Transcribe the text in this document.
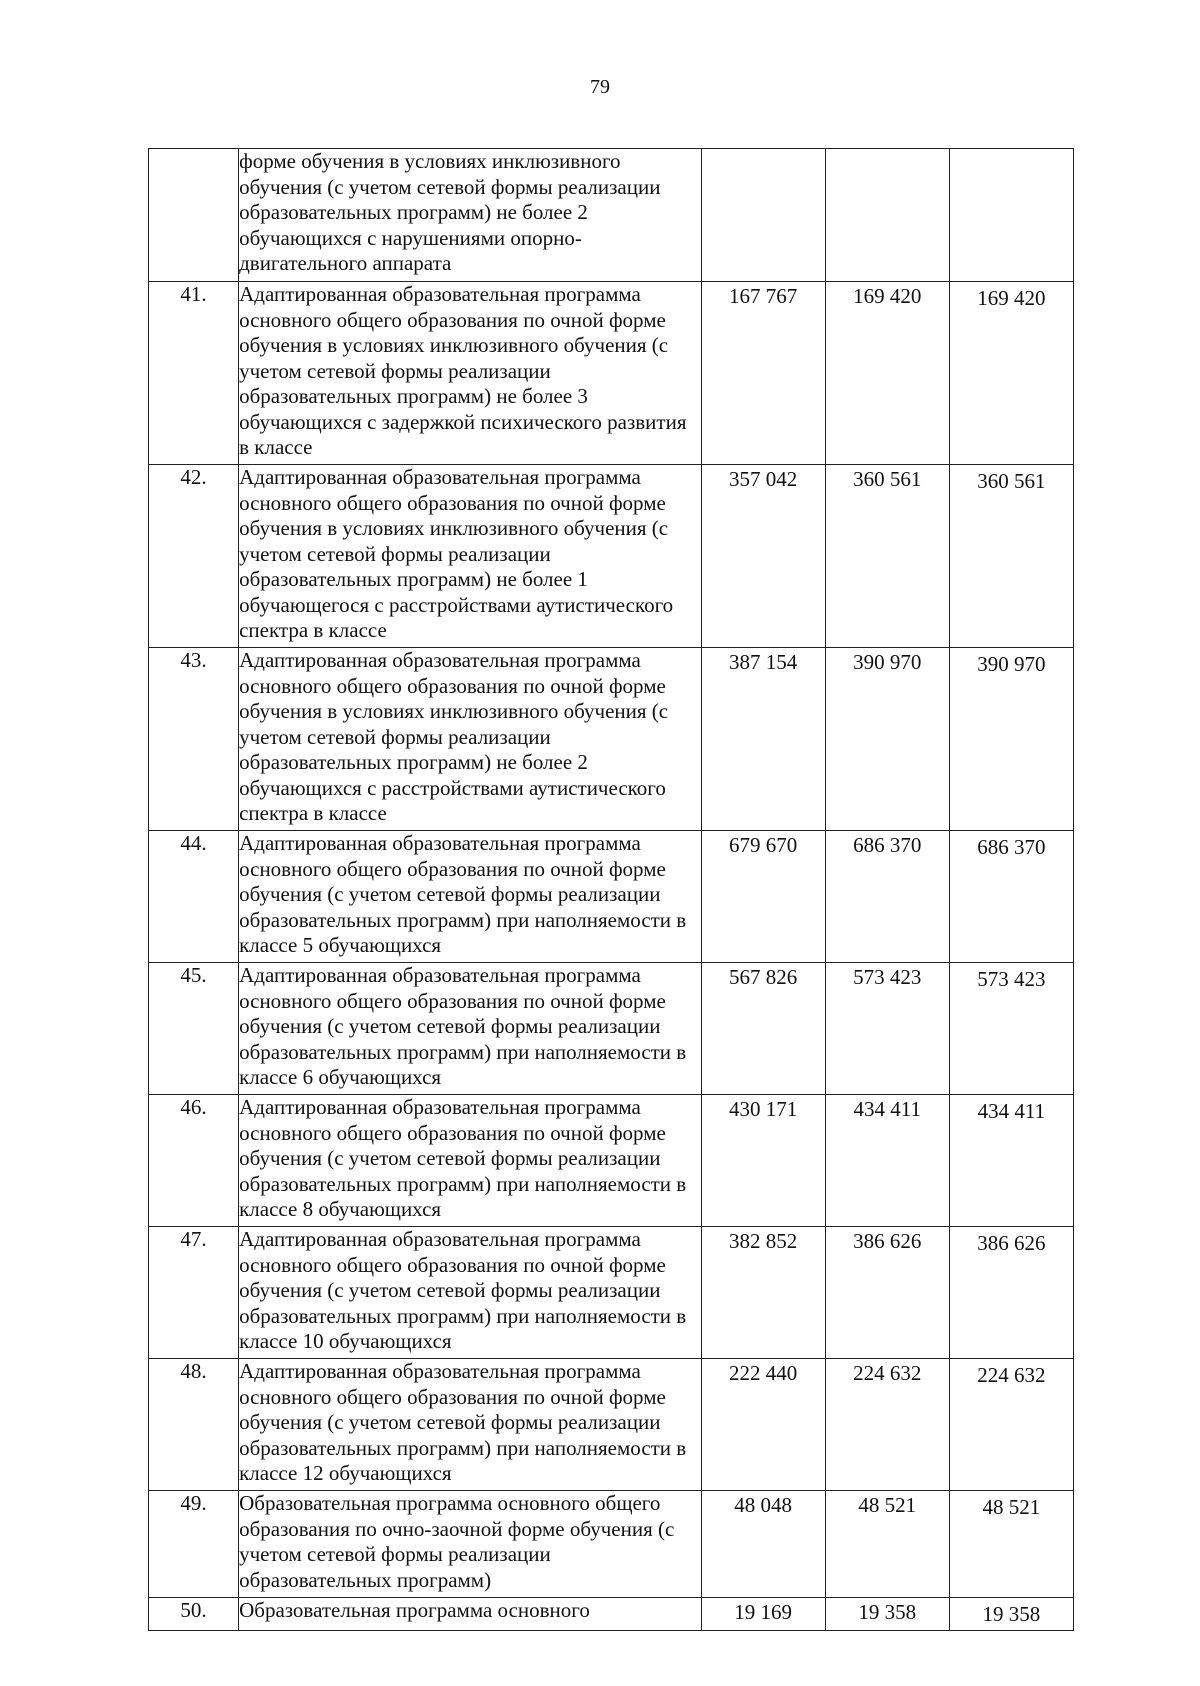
79
	форме обучения в условиях инклюзивного обучения (с учетом сетевой формы реализации образовательных программ) не более 2 обучающихся с нарушениями опорно-двигательного аппарата			
41.	Адаптированная образовательная программа основного общего образования по очной форме обучения в условиях инклюзивного обучения (с учетом сетевой формы реализации образовательных программ) не более 3 обучающихся с задержкой психического развития в классе	167 767	169 420	169 420
42.	Адаптированная образовательная программа основного общего образования по очной форме обучения в условиях инклюзивного обучения (с учетом сетевой формы реализации образовательных программ) не более 1 обучающегося с расстройствами аутистического спектра в классе	357 042	360 561	360 561
43.	Адаптированная образовательная программа основного общего образования по очной форме обучения в условиях инклюзивного обучения (с учетом сетевой формы реализации образовательных программ) не более 2 обучающихся с расстройствами аутистического спектра в классе	387 154	390 970	390 970
44.	Адаптированная образовательная программа основного общего образования по очной форме обучения (с учетом сетевой формы реализации образовательных программ) при наполняемости в классе 5 обучающихся	679 670	686 370	686 370
45.	Адаптированная образовательная программа основного общего образования по очной форме обучения (с учетом сетевой формы реализации образовательных программ) при наполняемости в классе 6 обучающихся	567 826	573 423	573 423
46.	Адаптированная образовательная программа основного общего образования по очной форме обучения (с учетом сетевой формы реализации образовательных программ) при наполняемости в классе 8 обучающихся	430 171	434 411	434 411
47.	Адаптированная образовательная программа основного общего образования по очной форме обучения (с учетом сетевой формы реализации образовательных программ) при наполняемости в классе 10 обучающихся	382 852	386 626	386 626
48.	Адаптированная образовательная программа основного общего образования по очной форме обучения (с учетом сетевой формы реализации образовательных программ) при наполняемости в классе 12 обучающихся	222 440	224 632	224 632
49.	Образовательная программа основного общего образования по очно-заочной форме обучения (с учетом сетевой формы реализации образовательных программ)	48 048	48 521	48 521
50.	Образовательная программа основного	19 169	19 358	19 358
